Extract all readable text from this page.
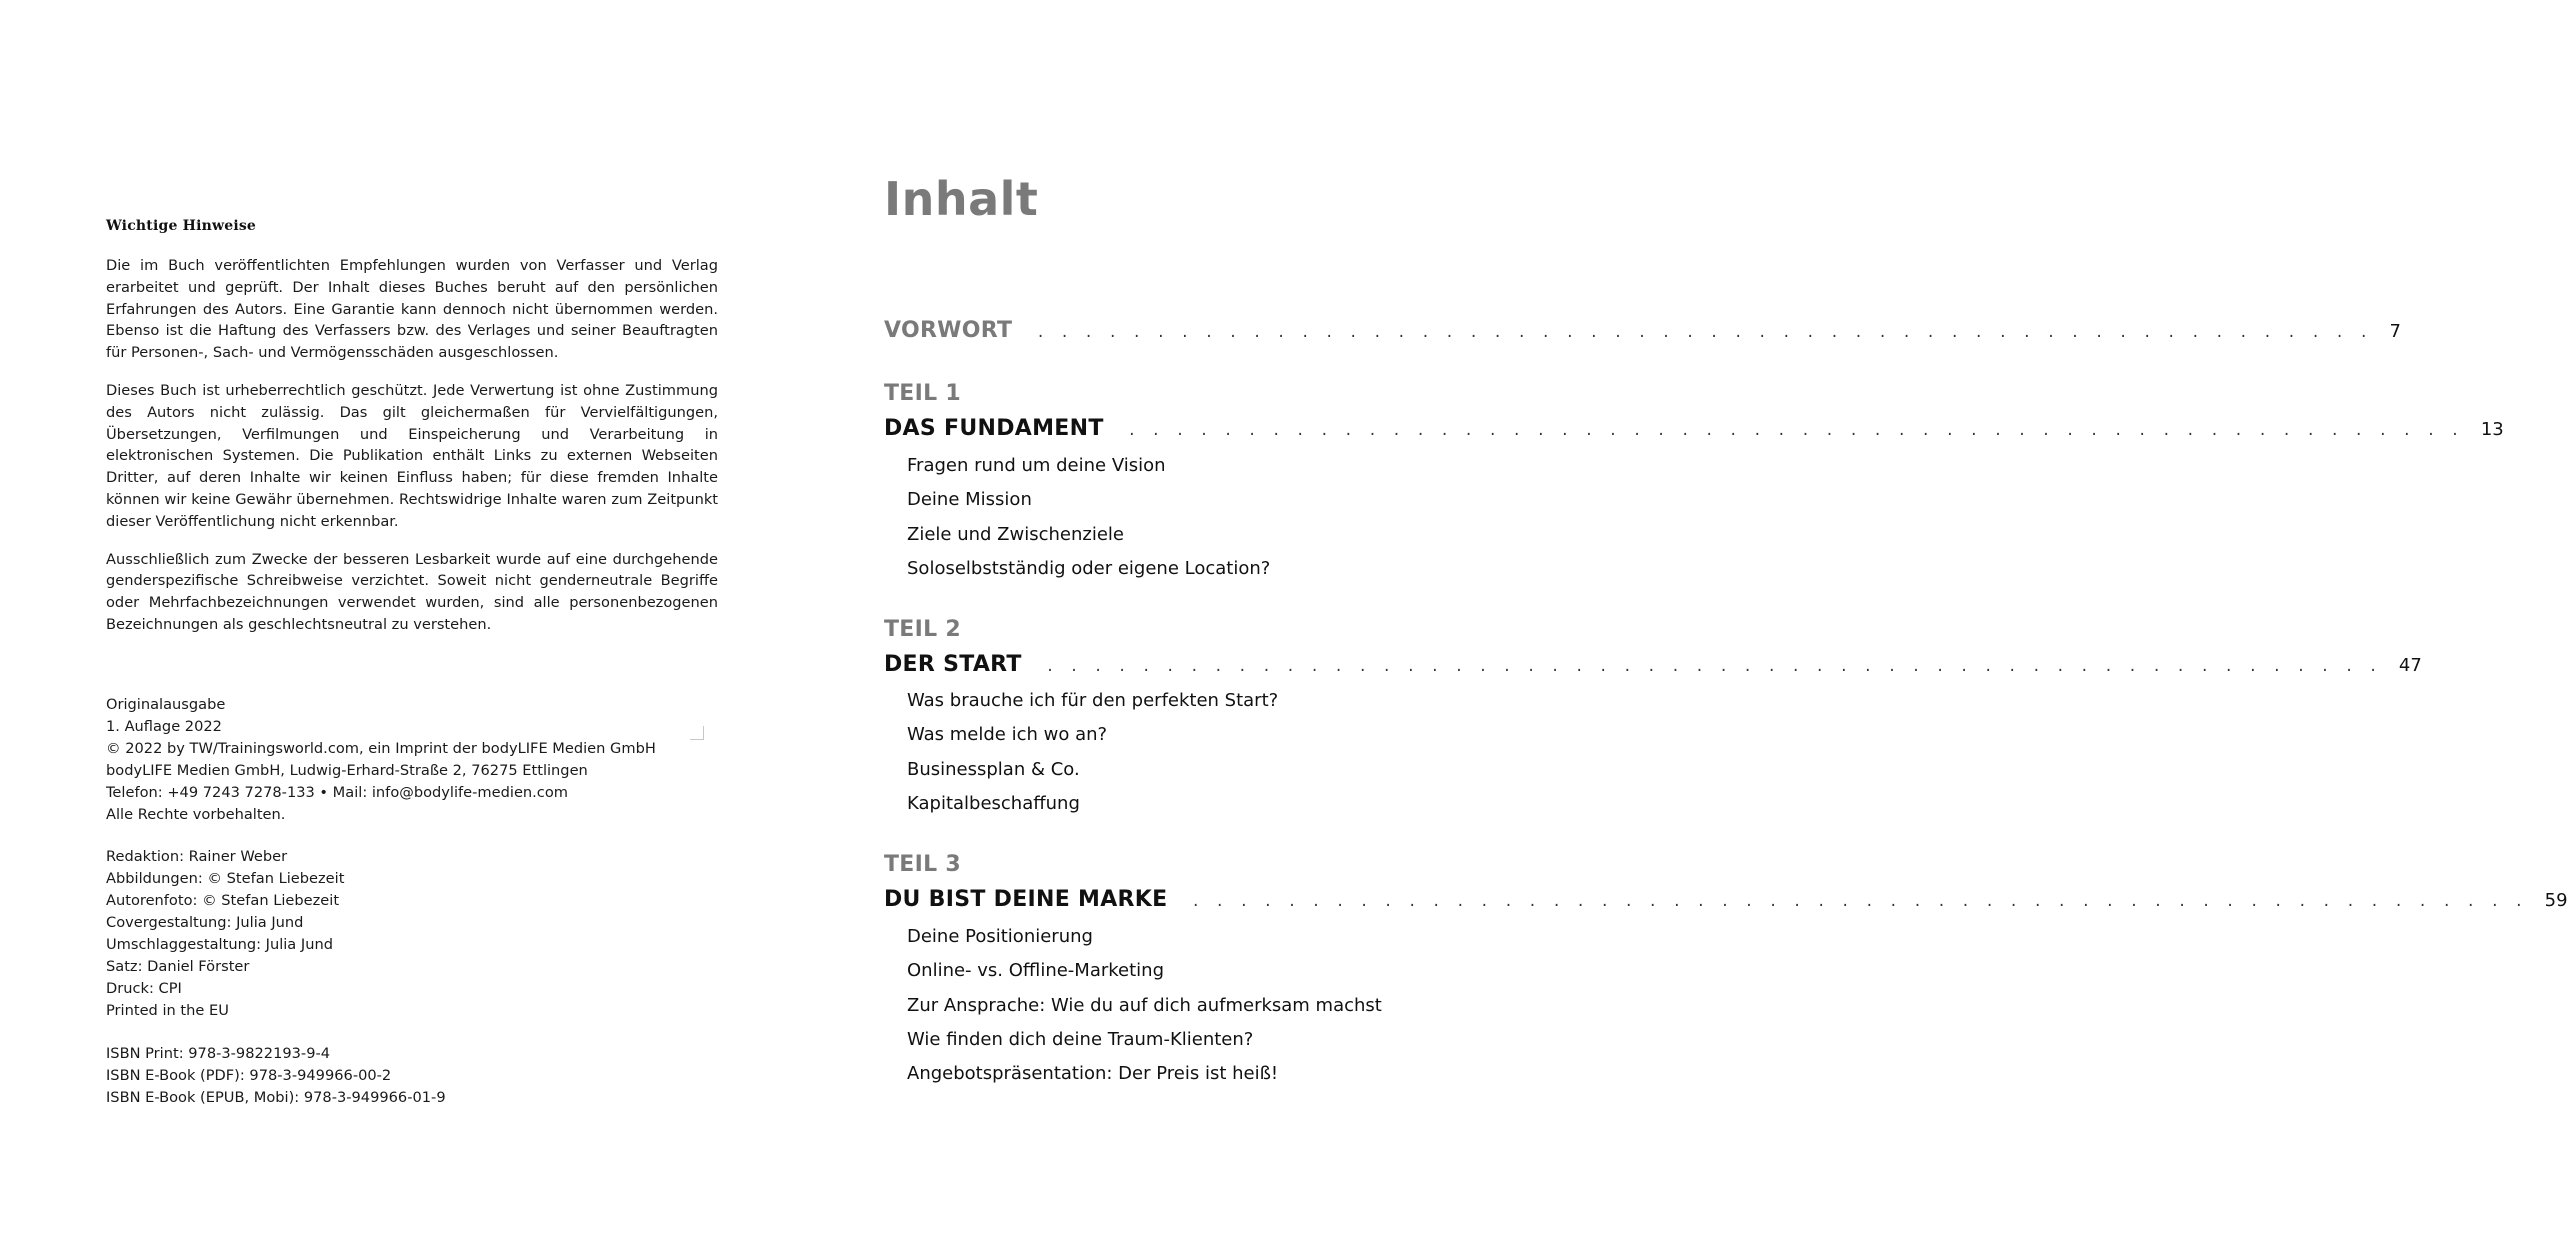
Wichtige Hinweise

Die im Buch veröffentlichten Empfehlungen wurden von Verfasser und Verlag erarbeitet und geprüft. Der Inhalt dieses Buches beruht auf den persönlichen Erfahrungen des Autors. Eine Garantie kann dennoch nicht übernommen werden. Ebenso ist die Haftung des Verfassers bzw. des Verlages und seiner Beauftragten für Personen-, Sach- und Vermögensschäden ausgeschlossen.

Dieses Buch ist urheberrechtlich geschützt. Jede Verwertung ist ohne Zustimmung des Autors nicht zulässig. Das gilt gleichermaßen für Vervielfältigungen, Übersetzungen, Verfilmungen und Einspeicherung und Verarbeitung in elektronischen Systemen. Die Publikation enthält Links zu externen Webseiten Dritter, auf deren Inhalte wir keinen Einfluss haben; für diese fremden Inhalte können wir keine Gewähr übernehmen. Rechtswidrige Inhalte waren zum Zeitpunkt dieser Veröffentlichung nicht erkennbar.

Ausschließlich zum Zwecke der besseren Lesbarkeit wurde auf eine durchgehende genderspezifische Schreibweise verzichtet. Soweit nicht genderneutrale Begriffe oder Mehrfachbezeichnungen verwendet wurden, sind alle personenbezogenen Bezeichnungen als geschlechtsneutral zu verstehen.

Originalausgabe
1. Auflage 2022
© 2022 by TW/Trainingsworld.com, ein Imprint der bodyLIFE Medien GmbH
bodyLIFE Medien GmbH, Ludwig-Erhard-Straße 2, 76275 Ettlingen
Telefon: +49 7243 7278-133 • Mail: info@bodylife-medien.com
Alle Rechte vorbehalten.
Redaktion: Rainer Weber
Abbildungen: © Stefan Liebezeit
Autorenfoto: © Stefan Liebezeit
Covergestaltung: Julia Jund
Umschlaggestaltung: Julia Jund
Satz: Daniel Förster
Druck: CPI
Printed in the EU
ISBN Print: 978-3-9822193-9-4
ISBN E-Book (PDF): 978-3-949966-00-2
ISBN E-Book (EPUB, Mobi): 978-3-949966-01-9
Inhalt
VORWORT . . . . . . . . . . . . . . . . . . . . . . . . . . . . . . . . . . . . . . . . . . . . . . . . . . . . . . . . 7
TEIL 1
DAS FUNDAMENT . . . . . . . . . . . . . . . . . . . . . . . . . . . . . . . . . . . . . . . . . . . . . . . . . . . . . . . . 13
Fragen rund um deine Vision
Deine Mission
Ziele und Zwischenziele
Soloselbstständig oder eigene Location?
TEIL 2
DER START . . . . . . . . . . . . . . . . . . . . . . . . . . . . . . . . . . . . . . . . . . . . . . . . . . . . . . . . 47
Was brauche ich für den perfekten Start?
Was melde ich wo an?
Businessplan & Co.
Kapitalbeschaffung
TEIL 3
DU BIST DEINE MARKE . . . . . . . . . . . . . . . . . . . . . . . . . . . . . . . . . . . . . . . . . . . . . . . . . . . . . . . . 59
Deine Positionierung
Online- vs. Offline-Marketing
Zur Ansprache: Wie du auf dich aufmerksam machst
Wie finden dich deine Traum-Klienten?
Angebotspräsentation: Der Preis ist heiß!
